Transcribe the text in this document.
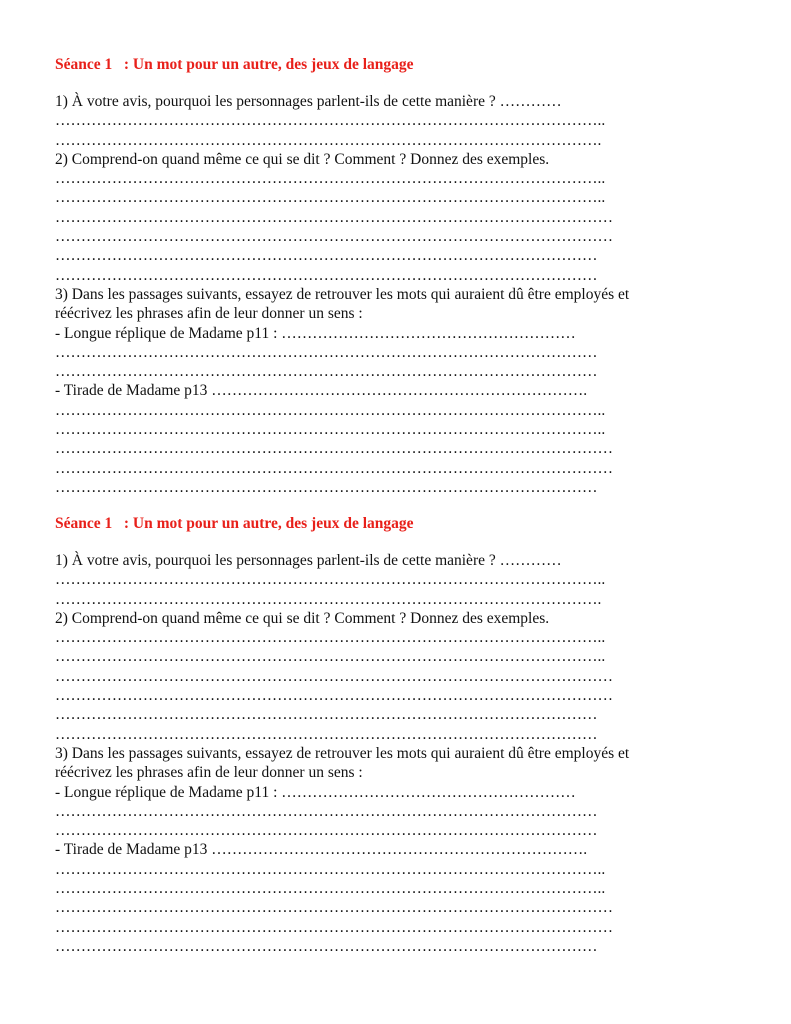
Séance 1   : Un mot pour un autre, des jeux de langage
1) À votre avis, pourquoi les personnages parlent-ils de cette manière ? …………
……………………………………………………………………………………………..
…………………………………………………………………………………………….
2) Comprend-on quand même ce qui se dit ? Comment ? Donnez des exemples.
……………………………………………………………………………………………..
……………………………………………………………………………………………..
………………………………………………………………………………………………
………………………………………………………………………………………………
……………………………………………………………………………………………
……………………………………………………………………………………………
3) Dans les passages suivants, essayez de retrouver les mots qui auraient dû être employés et
réécrivez les phrases afin de leur donner un sens :
- Longue réplique de Madame p11 : …………………………………………………
……………………………………………………………………………………………
……………………………………………………………………………………………
- Tirade de Madame p13 ……………………………………………………………….
……………………………………………………………………………………………..
……………………………………………………………………………………………..
………………………………………………………………………………………………
………………………………………………………………………………………………
……………………………………………………………………………………………
Séance 1   : Un mot pour un autre, des jeux de langage
1) À votre avis, pourquoi les personnages parlent-ils de cette manière ? …………
……………………………………………………………………………………………..
…………………………………………………………………………………………….
2) Comprend-on quand même ce qui se dit ? Comment ? Donnez des exemples.
……………………………………………………………………………………………..
……………………………………………………………………………………………..
………………………………………………………………………………………………
………………………………………………………………………………………………
……………………………………………………………………………………………
……………………………………………………………………………………………
3) Dans les passages suivants, essayez de retrouver les mots qui auraient dû être employés et
réécrivez les phrases afin de leur donner un sens :
- Longue réplique de Madame p11 : …………………………………………………
……………………………………………………………………………………………
……………………………………………………………………………………………
- Tirade de Madame p13 ……………………………………………………………….
……………………………………………………………………………………………..
……………………………………………………………………………………………..
………………………………………………………………………………………………
………………………………………………………………………………………………
……………………………………………………………………………………………
